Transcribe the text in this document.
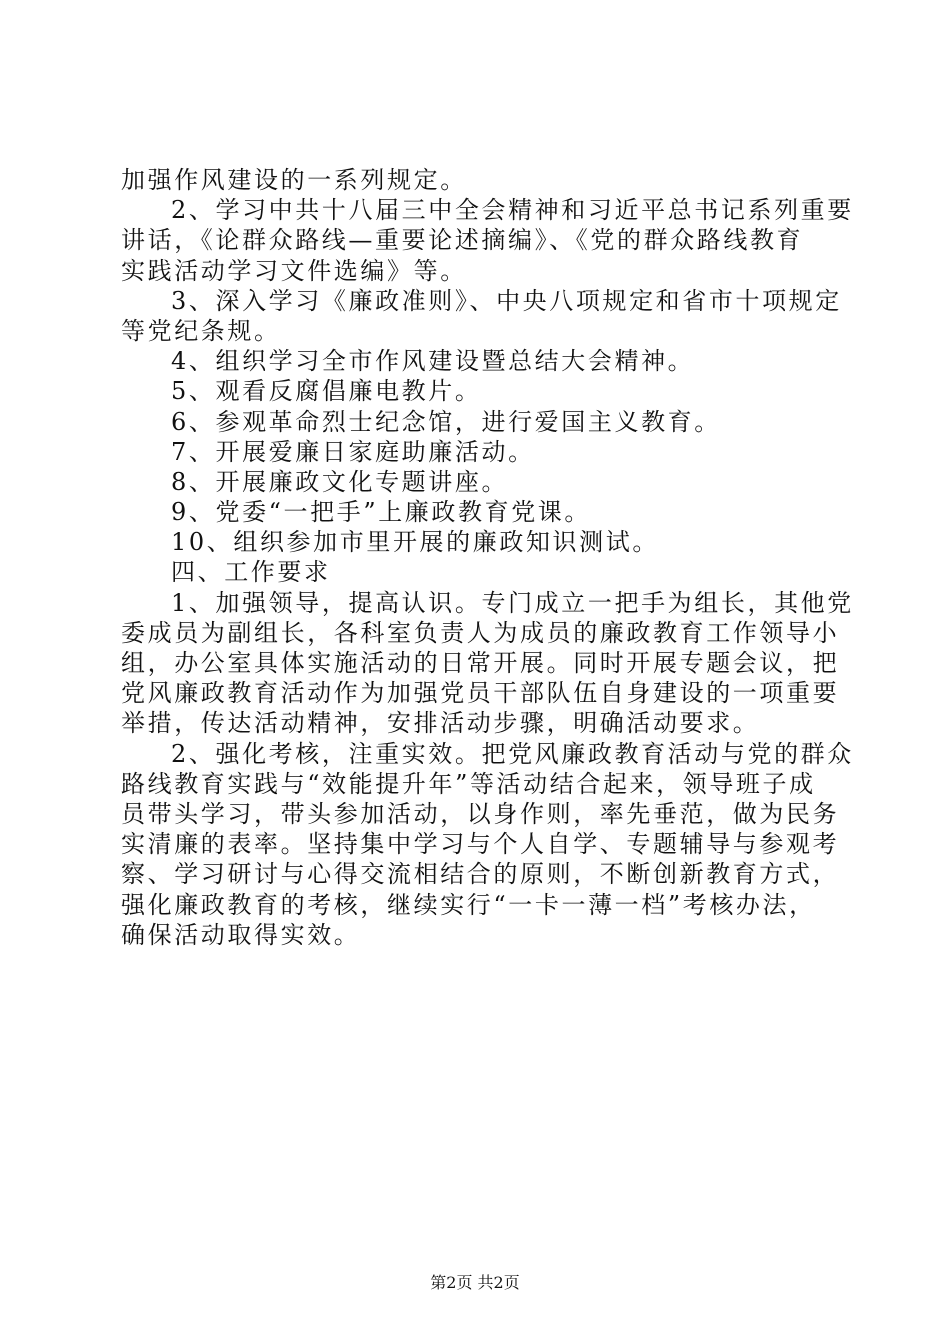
加强作风建设的一系列规定。
2、学习中共十八届三中全会精神和习近平总书记系列重要
讲话，《论群众路线—重要论述摘编》、《党的群众路线教育
实践活动学习文件选编》等。
3、深入学习《廉政准则》、中央八项规定和省市十项规定
等党纪条规。
4、组织学习全市作风建设暨总结大会精神。
5、观看反腐倡廉电教片。
6、参观革命烈士纪念馆，进行爱国主义教育。
7、开展爱廉日家庭助廉活动。
8、开展廉政文化专题讲座。
9、党委“一把手”上廉政教育党课。
10、组织参加市里开展的廉政知识测试。
四、工作要求
1、加强领导，提高认识。专门成立一把手为组长，其他党
委成员为副组长，各科室负责人为成员的廉政教育工作领导小
组，办公室具体实施活动的日常开展。同时开展专题会议，把
党风廉政教育活动作为加强党员干部队伍自身建设的一项重要
举措，传达活动精神，安排活动步骤，明确活动要求。
2、强化考核，注重实效。把党风廉政教育活动与党的群众
路线教育实践与“效能提升年”等活动结合起来，领导班子成
员带头学习，带头参加活动，以身作则，率先垂范，做为民务
实清廉的表率。坚持集中学习与个人自学、专题辅导与参观考
察、学习研讨与心得交流相结合的原则，不断创新教育方式，
强化廉政教育的考核，继续实行“一卡一薄一档”考核办法，
确保活动取得实效。
第2页 共2页
